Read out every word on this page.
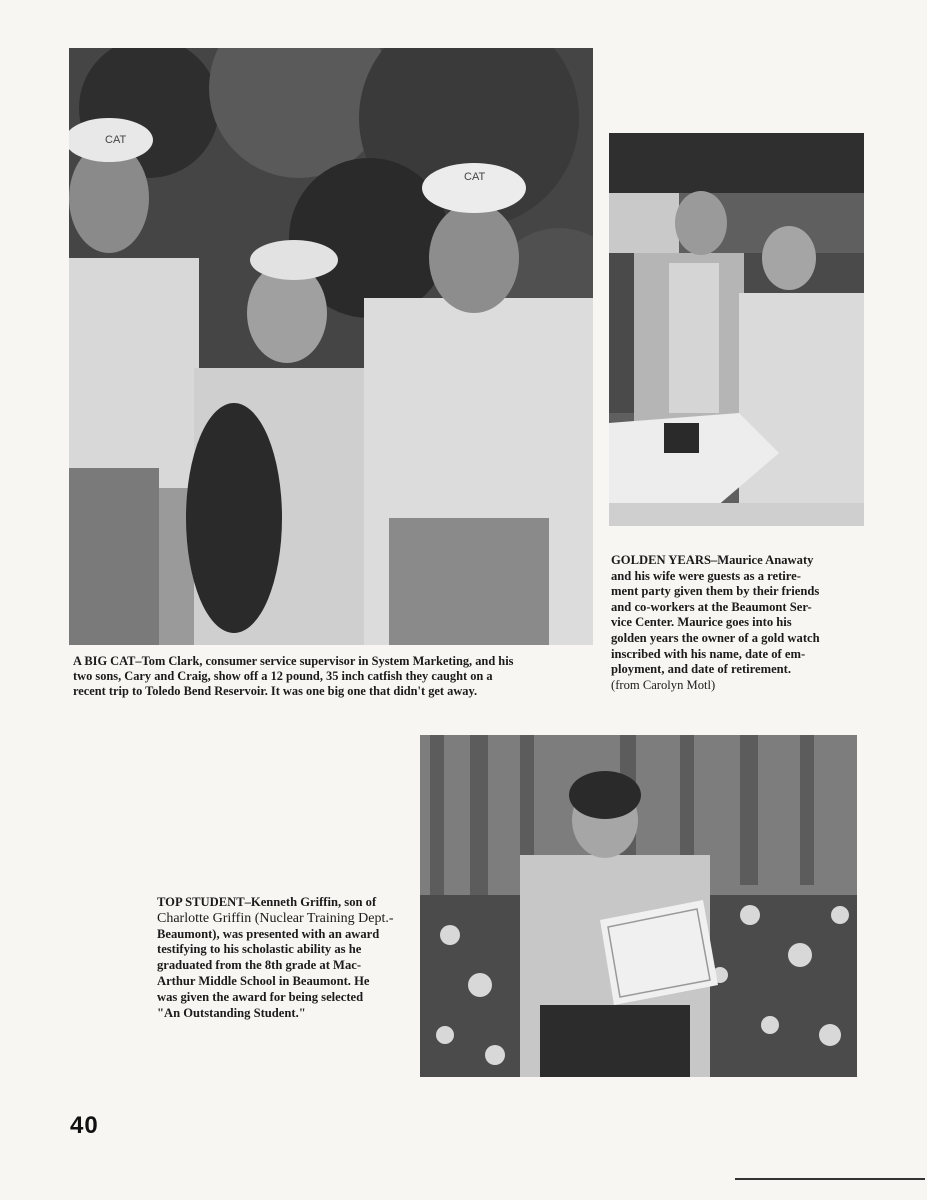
CAT
CAT

A BIG CAT–Tom Clark, consumer service supervisor in System Marketing, and his

two sons, Cary and Craig, show off a 12 pound, 35 inch catfish they caught on a

recent trip to Toledo Bend Reservoir. It was one big one that didn't get away.

GOLDEN YEARS–Maurice Anawaty

and his wife were guests as a retire-

ment party given them by their friends

and co-workers at the Beaumont Ser-

vice Center. Maurice goes into his

golden years the owner of a gold watch

inscribed with his name, date of em-

ployment, and date of retirement.

(from Carolyn Motl)

TOP STUDENT–Kenneth Griffin, son of

Charlotte Griffin (Nuclear Training Dept.-

Beaumont), was presented with an award

testifying to his scholastic ability as he

graduated from the 8th grade at Mac-

Arthur Middle School in Beaumont. He

was given the award for being selected

"An Outstanding Student."

40
